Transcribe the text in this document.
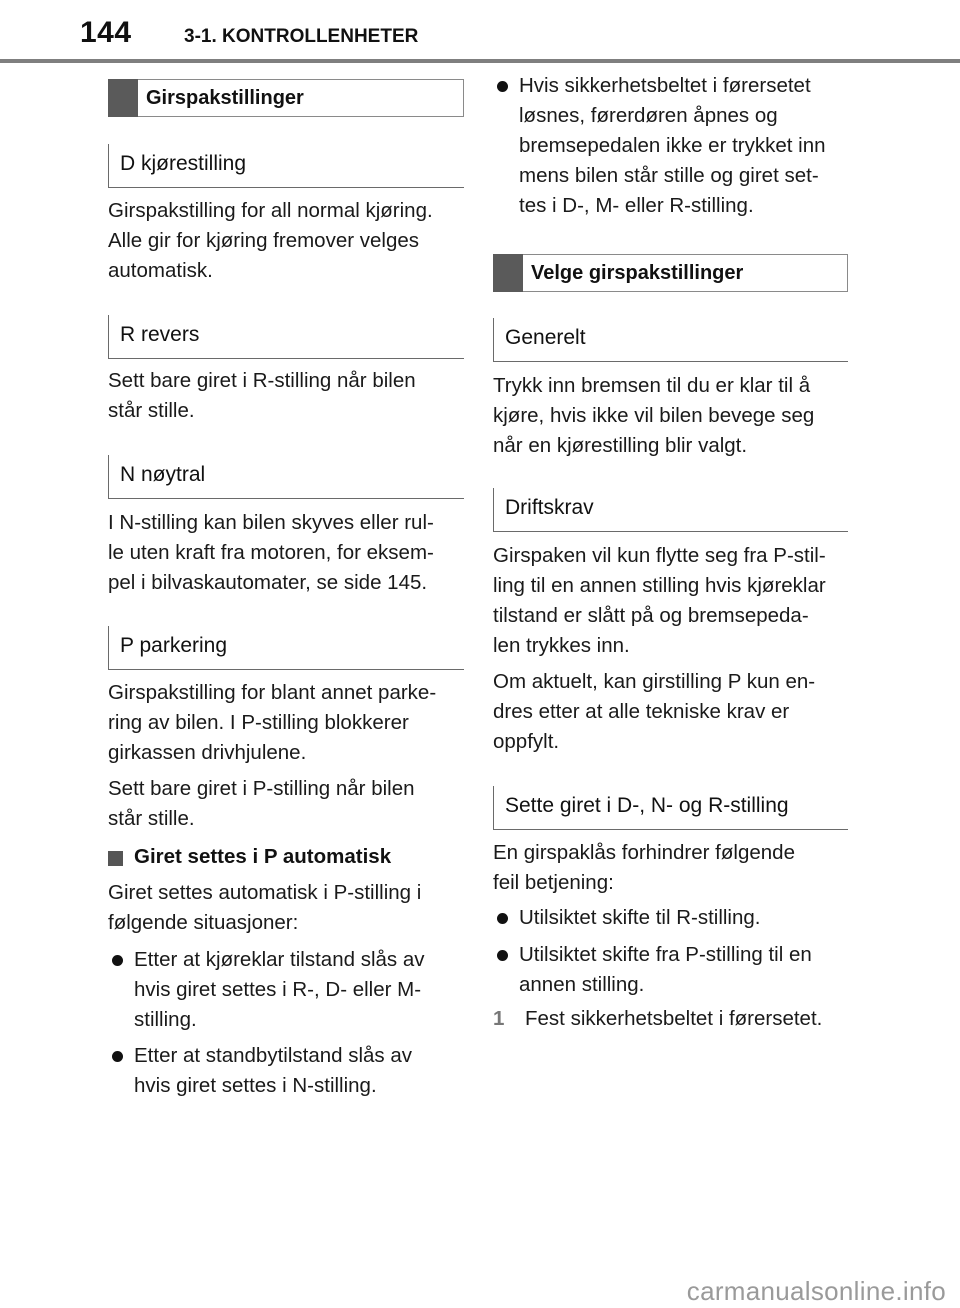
144	3-1. KONTROLLENHETER
Girspakstillinger
D kjørestilling
Girspakstilling for all normal kjøring.
Alle gir for kjøring fremover velges
automatisk.
R revers
Sett bare giret i R-stilling når bilen
står stille.
N nøytral
I N-stilling kan bilen skyves eller rul-
le uten kraft fra motoren, for eksem-
pel i bilvaskautomater, se side 145.
P parkering
Girspakstilling for blant annet parke-
ring av bilen. I P-stilling blokkerer
girkassen drivhjulene.
Sett bare giret i P-stilling når bilen
står stille.
Giret settes i P automatisk
Giret settes automatisk i P-stilling i
følgende situasjoner:
Etter at kjøreklar tilstand slås av
hvis giret settes i R-, D- eller M-
stilling.
Etter at standbytilstand slås av
hvis giret settes i N-stilling.
Hvis sikkerhetsbeltet i førersetet
løsnes, førerdøren åpnes og
bremsepedalen ikke er trykket inn
mens bilen står stille og giret set-
tes i D-, M- eller R-stilling.
Velge girspakstillinger
Generelt
Trykk inn bremsen til du er klar til å
kjøre, hvis ikke vil bilen bevege seg
når en kjørestilling blir valgt.
Driftskrav
Girspaken vil kun flytte seg fra P-stil-
ling til en annen stilling hvis kjøreklar
tilstand er slått på og bremsepeda-
len trykkes inn.
Om aktuelt, kan girstilling P kun en-
dres etter at alle tekniske krav er
oppfylt.
Sette giret i D-, N- og R-stilling
En girspaklås forhindrer følgende
feil betjening:
Utilsiktet skifte til R-stilling.
Utilsiktet skifte fra P-stilling til en
annen stilling.
1 Fest sikkerhetsbeltet i førersetet.
carmanualsonline.info
